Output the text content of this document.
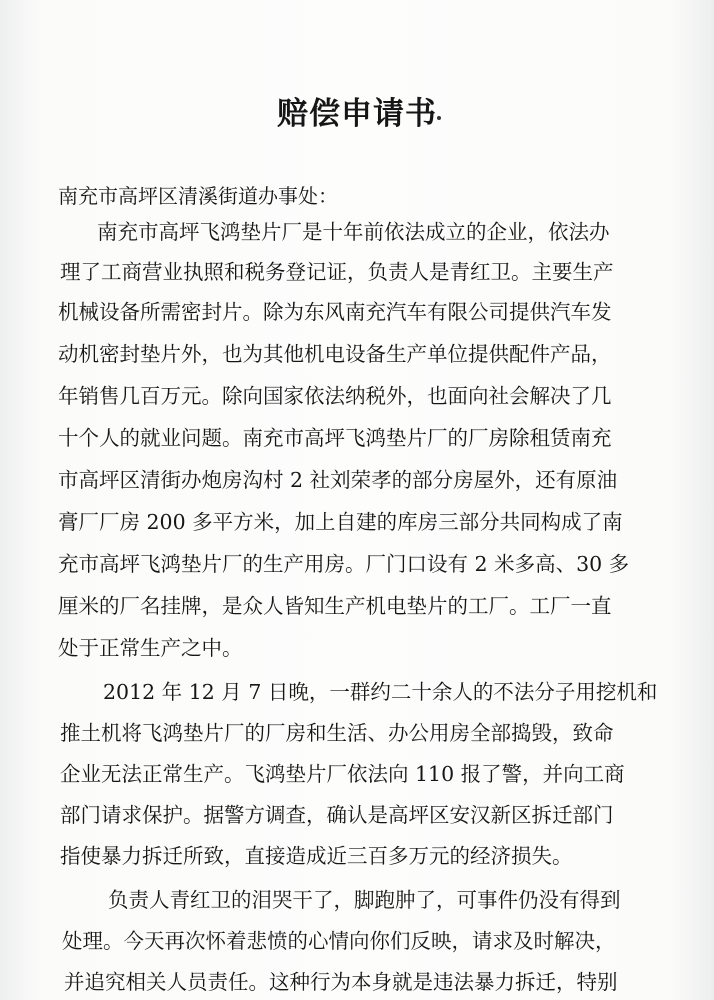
赔偿申请书
南充市高坪区清溪街道办事处：
南充市高坪飞鸿垫片厂是十年前依法成立的企业，依法办
理了工商营业执照和税务登记证，负责人是青红卫。主要生产
机械设备所需密封片。除为东风南充汽车有限公司提供汽车发
动机密封垫片外，也为其他机电设备生产单位提供配件产品，
年销售几百万元。除向国家依法纳税外，也面向社会解决了几
十个人的就业问题。南充市高坪飞鸿垫片厂的厂房除租赁南充
市高坪区清街办炮房沟村 2 社刘荣孝的部分房屋外，还有原油
膏厂厂房 200 多平方米，加上自建的库房三部分共同构成了南
充市高坪飞鸿垫片厂的生产用房。厂门口设有 2 米多高、30 多
厘米的厂名挂牌，是众人皆知生产机电垫片的工厂。工厂一直
处于正常生产之中。
2012 年 12 月 7 日晚，一群约二十余人的不法分子用挖机和
推土机将飞鸿垫片厂的厂房和生活、办公用房全部捣毁，致命
企业无法正常生产。飞鸿垫片厂依法向 110 报了警，并向工商
部门请求保护。据警方调查，确认是高坪区安汉新区拆迁部门
指使暴力拆迁所致，直接造成近三百多万元的经济损失。
负责人青红卫的泪哭干了，脚跑肿了，可事件仍没有得到
处理。今天再次怀着悲愤的心情向你们反映，请求及时解决，
并追究相关人员责任。这种行为本身就是违法暴力拆迁，特别
